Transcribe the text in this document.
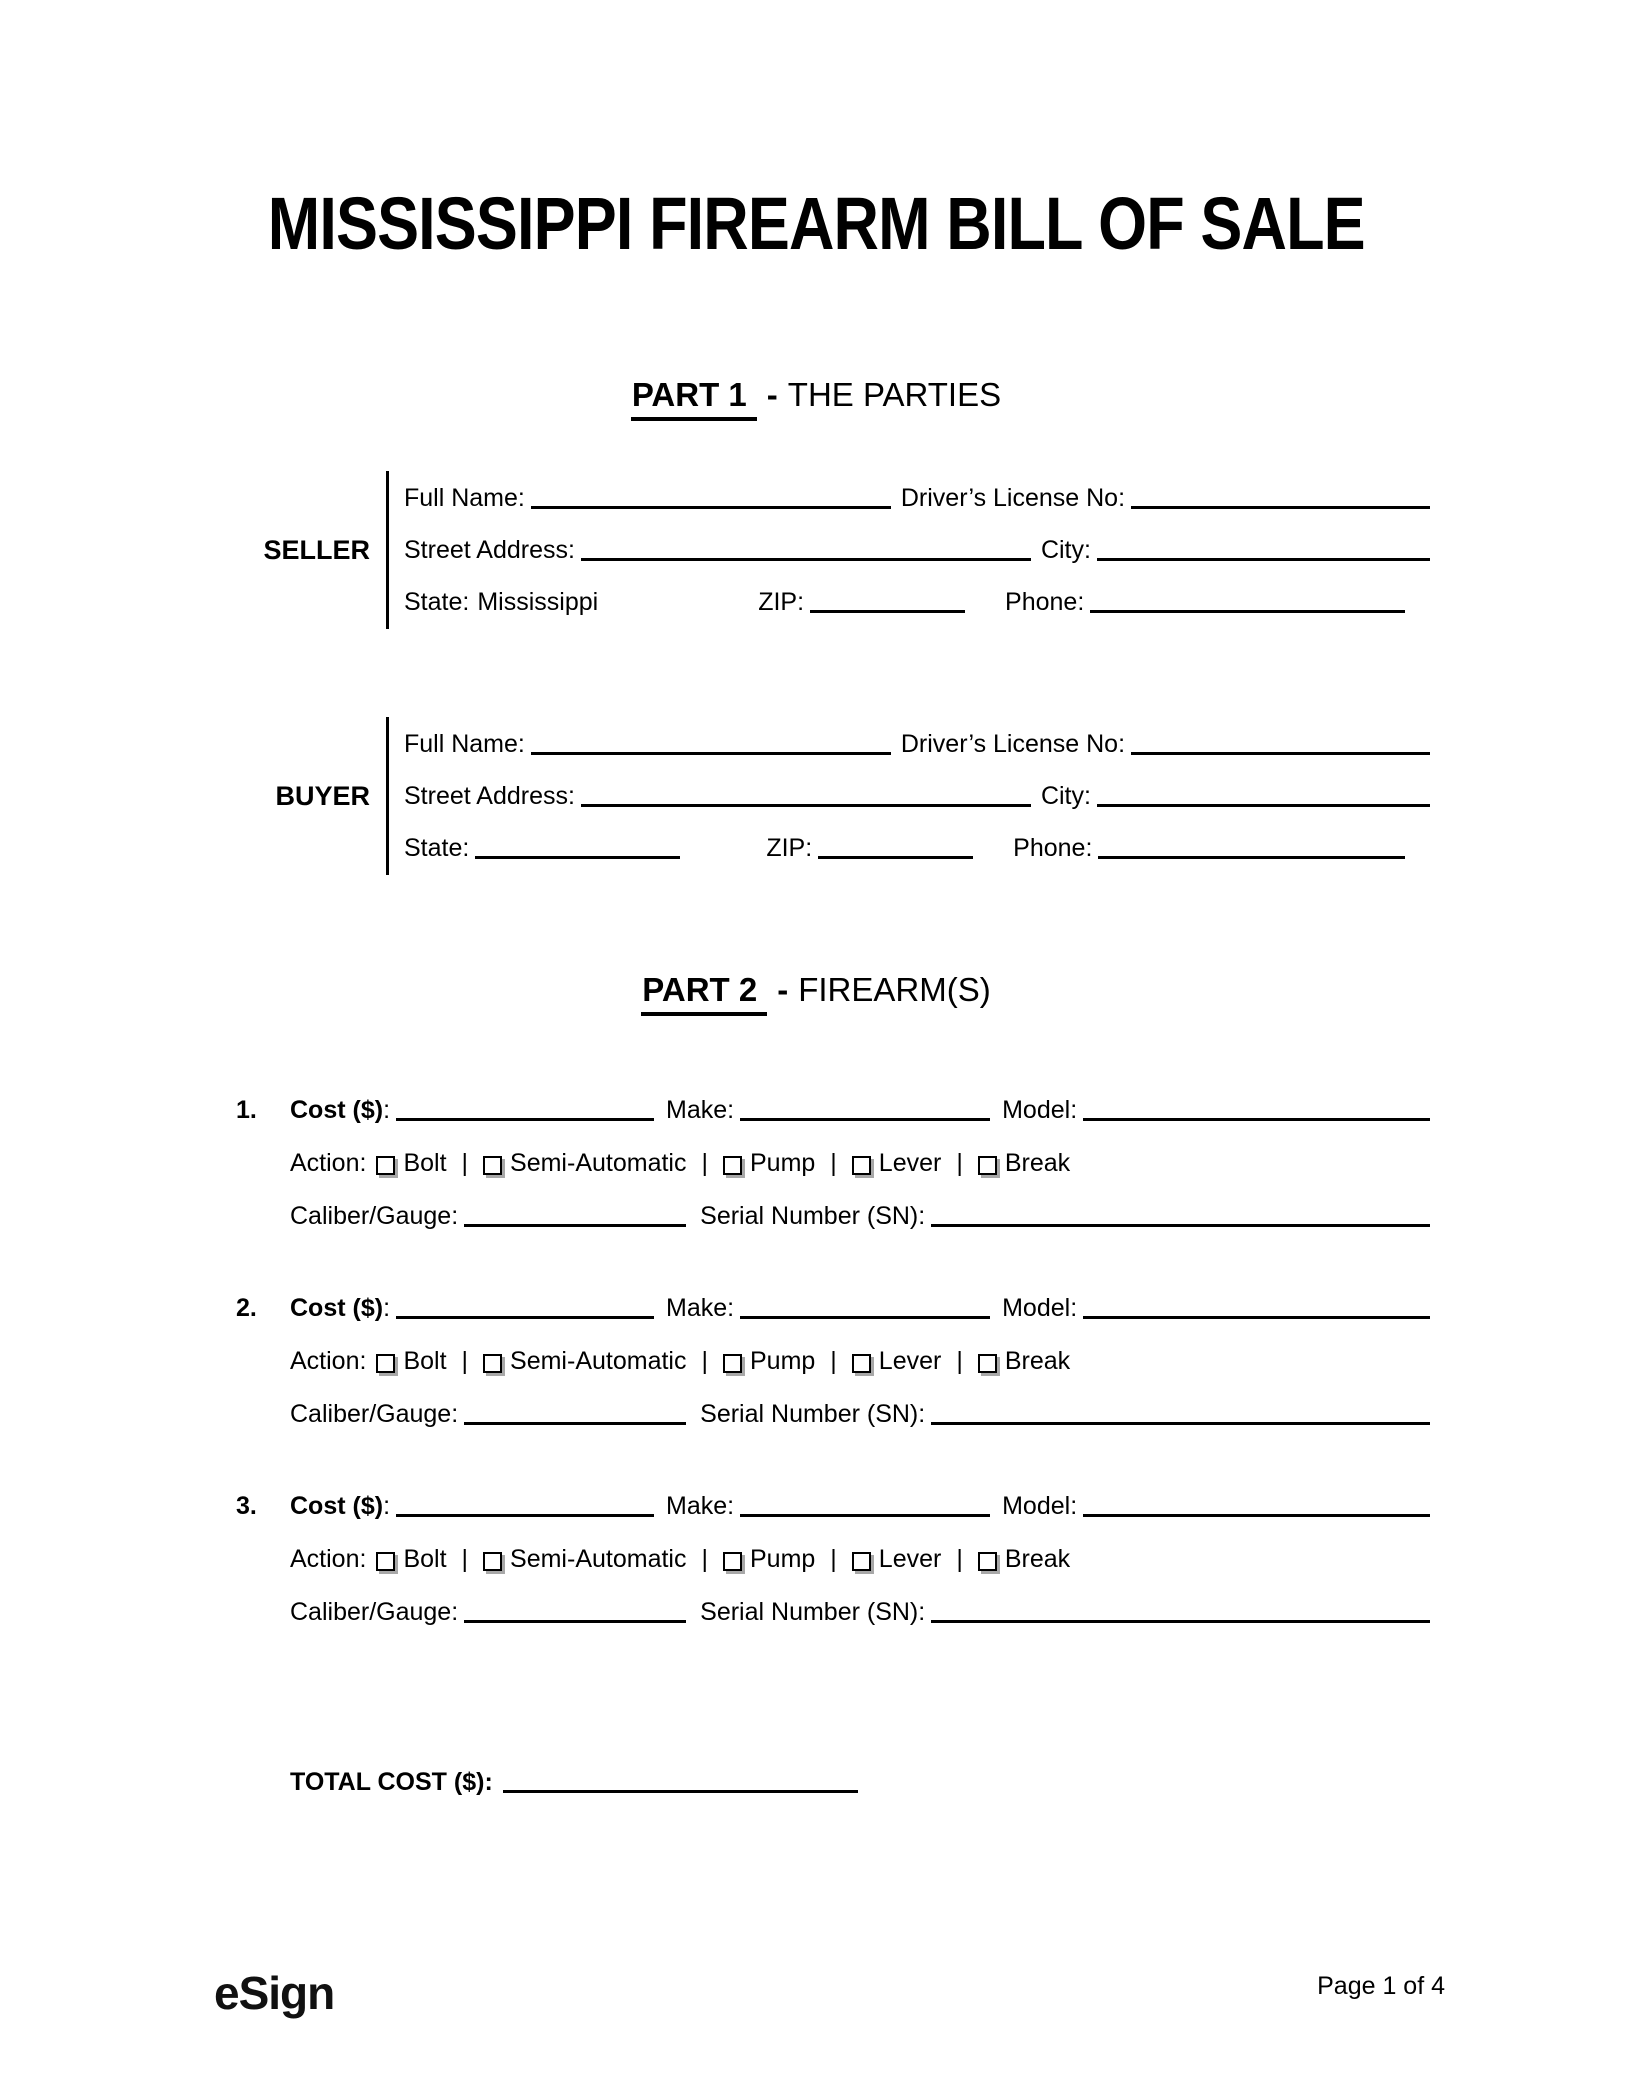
MISSISSIPPI FIREARM BILL OF SALE
PART 1 - THE PARTIES
SELLER
Full Name:	Driver’s License No:
Street Address:	City:
State: Mississippi	ZIP:	Phone:
BUYER
Full Name:	Driver’s License No:
Street Address:	City:
State:	ZIP:	Phone:
PART 2 - FIREARM(S)
1.	Cost ($) :	Make:	Model:
Action: Bolt | Semi-Automatic | Pump | Lever | Break
Caliber/Gauge:	Serial Number (SN):
2.	Cost ($) :	Make:	Model:
Action: Bolt | Semi-Automatic | Pump | Lever | Break
Caliber/Gauge:	Serial Number (SN):
3.	Cost ($) :	Make:	Model:
Action: Bolt | Semi-Automatic | Pump | Lever | Break
Caliber/Gauge:	Serial Number (SN):
TOTAL COST ($):
eSign	Page 1 of 4
